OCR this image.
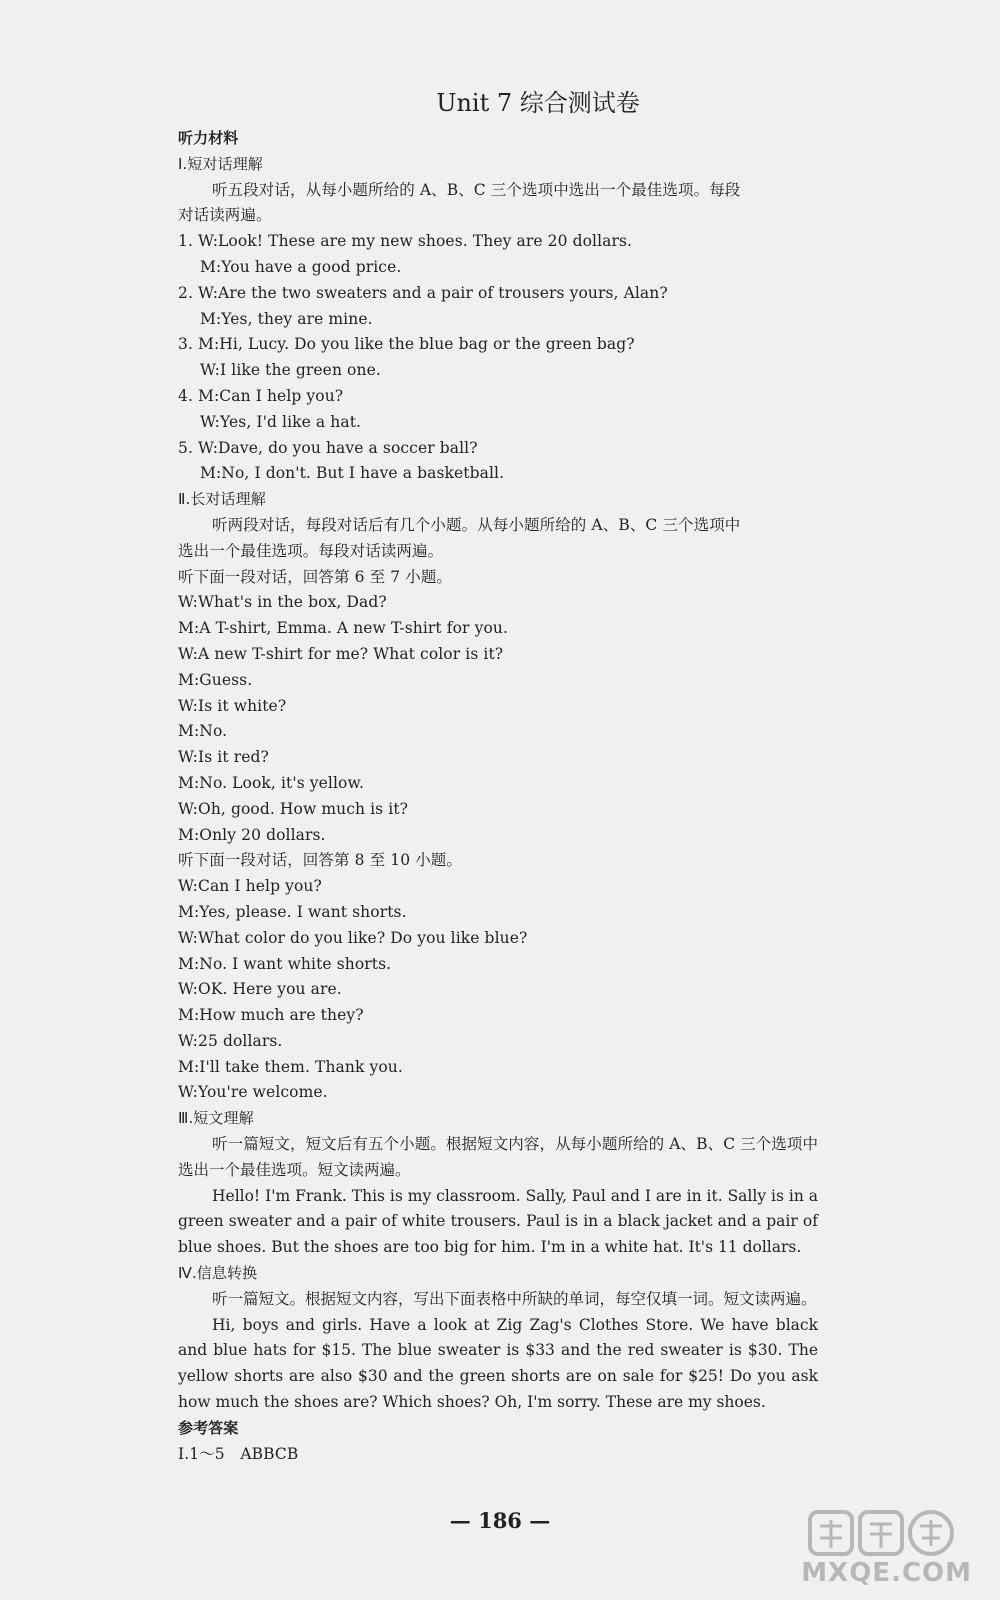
Unit 7 综合测试卷
听力材料
Ⅰ.短对话理解
听五段对话，从每小题所给的 A、B、C 三个选项中选出一个最佳选项。每段
对话读两遍。
1. W:Look! These are my new shoes. They are 20 dollars.
M:You have a good price.
2. W:Are the two sweaters and a pair of trousers yours, Alan?
M:Yes, they are mine.
3. M:Hi, Lucy. Do you like the blue bag or the green bag?
W:I like the green one.
4. M:Can I help you?
W:Yes, I'd like a hat.
5. W:Dave, do you have a soccer ball?
M:No, I don't. But I have a basketball.
Ⅱ.长对话理解
听两段对话，每段对话后有几个小题。从每小题所给的 A、B、C 三个选项中
选出一个最佳选项。每段对话读两遍。
听下面一段对话，回答第 6 至 7 小题。
W:What's in the box, Dad?
M:A T-shirt, Emma. A new T-shirt for you.
W:A new T-shirt for me? What color is it?
M:Guess.
W:Is it white?
M:No.
W:Is it red?
M:No. Look, it's yellow.
W:Oh, good. How much is it?
M:Only 20 dollars.
听下面一段对话，回答第 8 至 10 小题。
W:Can I help you?
M:Yes, please. I want shorts.
W:What color do you like? Do you like blue?
M:No. I want white shorts.
W:OK. Here you are.
M:How much are they?
W:25 dollars.
M:I'll take them. Thank you.
W:You're welcome.
Ⅲ.短文理解
听一篇短文，短文后有五个小题。根据短文内容，从每小题所给的 A、B、C 三个选项中选出一个最佳选项。短文读两遍。
Hello! I'm Frank. This is my classroom. Sally, Paul and I are in it. Sally is in a green sweater and a pair of white trousers. Paul is in a black jacket and a pair of blue shoes. But the shoes are too big for him. I'm in a white hat. It's 11 dollars.
Ⅳ.信息转换
听一篇短文。根据短文内容，写出下面表格中所缺的单词，每空仅填一词。短文读两遍。
Hi, boys and girls. Have a look at Zig Zag's Clothes Store. We have black and blue hats for $15. The blue sweater is $33 and the red sweater is $30. The yellow shorts are also $30 and the green shorts are on sale for $25! Do you ask how much the shoes are? Which shoes? Oh, I'm sorry. These are my shoes.
参考答案
Ⅰ.1～5　ABBCB
— 186 —
MXQE.COM
